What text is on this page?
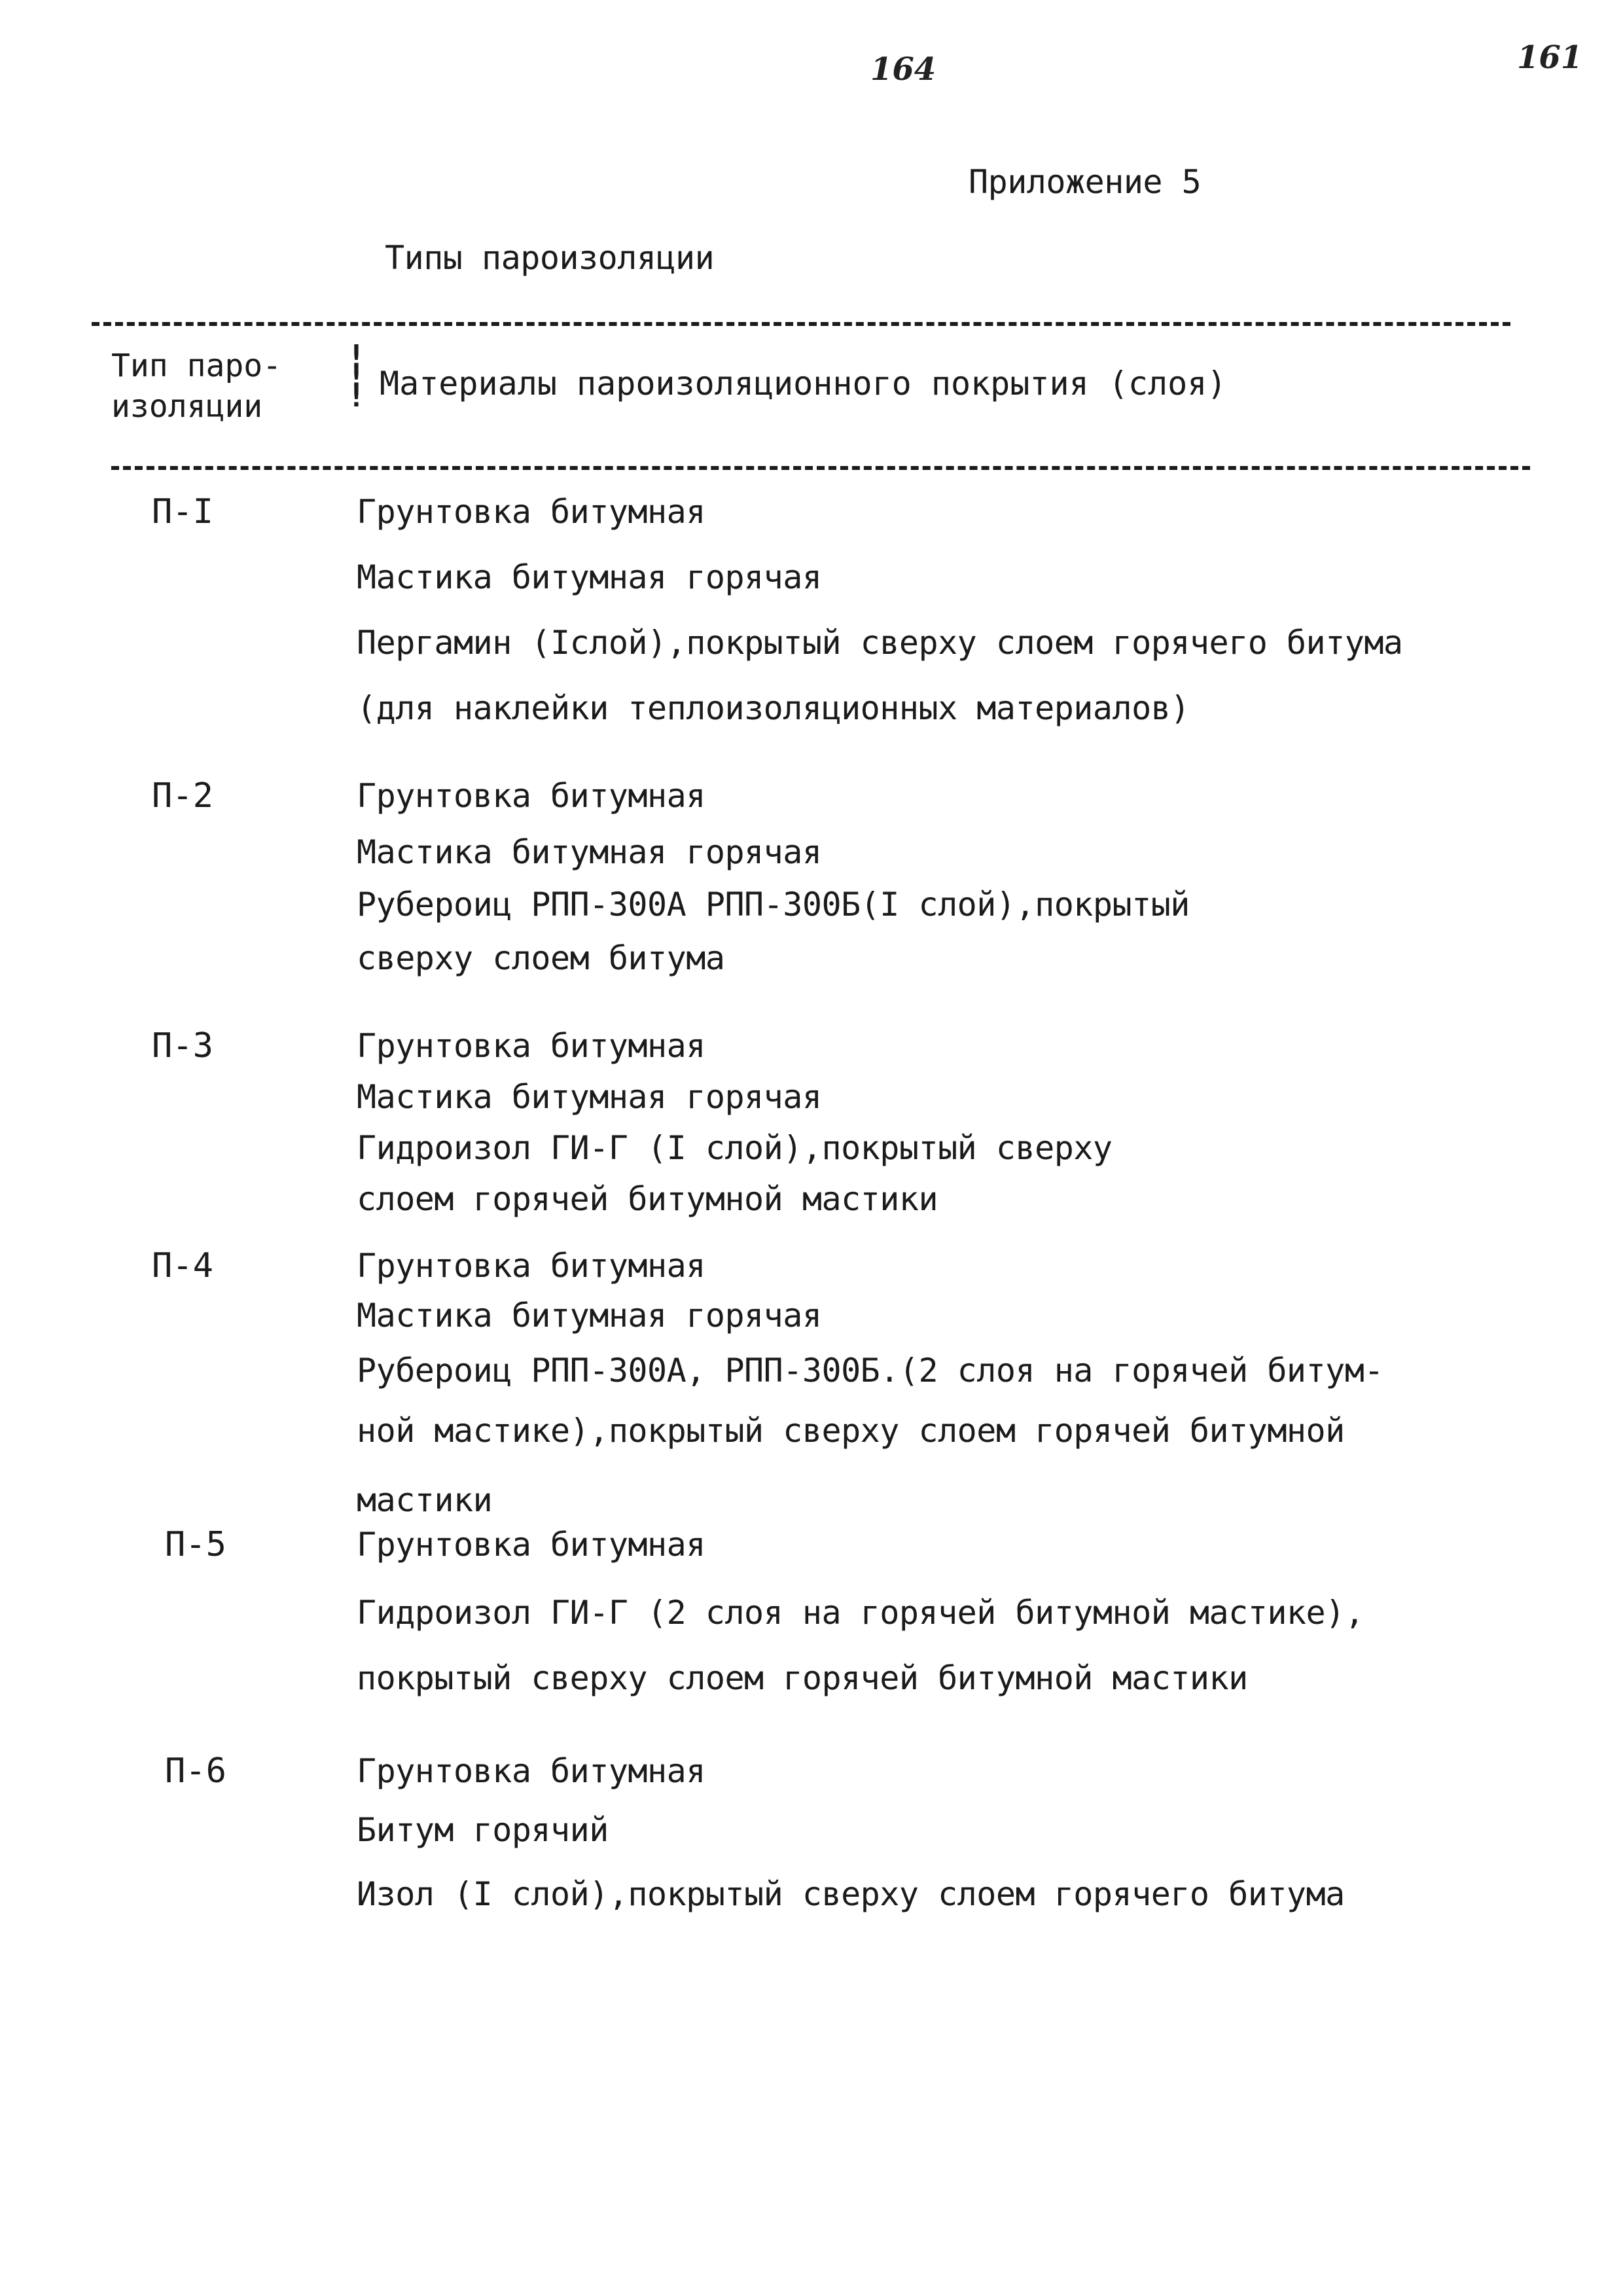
164	161
Приложение 5
Типы пароизоляции
Тип паро-
изоляции
!
!
! Материалы пароизоляционного покрытия (слоя)
П-I	Грунтовка битумная
Мастика битумная горячая
Пергамин (Iслой),покрытый сверху слоем горячего битума
(для наклейки теплоизоляционных материалов)
П-2	Грунтовка битумная
Мастика битумная горячая
Рубероиц РПП-300А РПП-300Б(I слой),покрытый
сверху слоем битума
П-3	Грунтовка битумная
Мастика битумная горячая
Гидроизол ГИ-Г (I слой),покрытый сверху
слоем горячей битумной мастики
П-4	Грунтовка битумная
Мастика битумная горячая
Рубероиц РПП-300А, РПП-300Б.(2 слоя на горячей битум-
ной мастике),покрытый сверху слоем горячей битумной
мастики
П-5	Грунтовка битумная
Гидроизол ГИ-Г (2 слоя на горячей битумной мастике),
покрытый сверху слоем горячей битумной мастики
П-6	Грунтовка битумная
Битум горячий
Изол (I слой),покрытый сверху слоем горячего битума
